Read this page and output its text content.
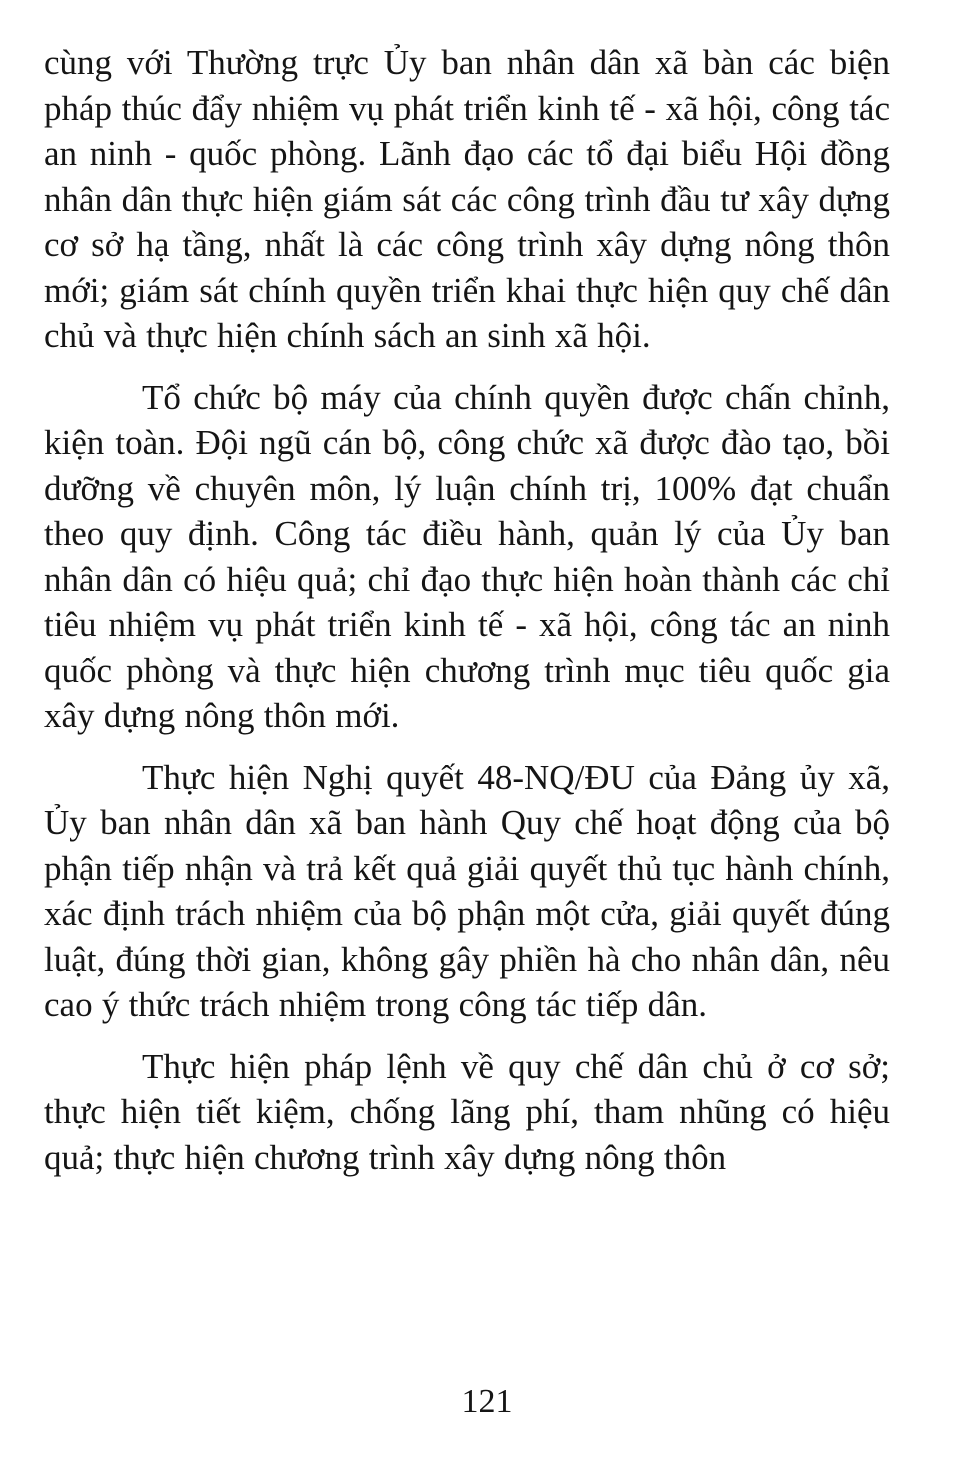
cùng với Thường trực Ủy ban nhân dân xã bàn các biện pháp thúc đẩy nhiệm vụ phát triển kinh tế - xã hội, công tác an ninh - quốc phòng. Lãnh đạo các tổ đại biểu Hội đồng nhân dân thực hiện giám sát các công trình đầu tư xây dựng cơ sở hạ tầng, nhất là các công trình xây dựng nông thôn mới; giám sát chính quyền triển khai thực hiện quy chế dân chủ và thực hiện chính sách an sinh xã hội.

Tổ chức bộ máy của chính quyền được chấn chỉnh, kiện toàn. Đội ngũ cán bộ, công chức xã được đào tạo, bồi dưỡng về chuyên môn, lý luận chính trị, 100% đạt chuẩn theo quy định. Công tác điều hành, quản lý của Ủy ban nhân dân có hiệu quả; chỉ đạo thực hiện hoàn thành các chỉ tiêu nhiệm vụ phát triển kinh tế - xã hội, công tác an ninh quốc phòng và thực hiện chương trình mục tiêu quốc gia xây dựng nông thôn mới.

Thực hiện Nghị quyết 48-NQ/ĐU của Đảng ủy xã, Ủy ban nhân dân xã ban hành Quy chế hoạt động của bộ phận tiếp nhận và trả kết quả giải quyết thủ tục hành chính, xác định trách nhiệm của bộ phận một cửa, giải quyết đúng luật, đúng thời gian, không gây phiền hà cho nhân dân, nêu cao ý thức trách nhiệm trong công tác tiếp dân.

Thực hiện pháp lệnh về quy chế dân chủ ở cơ sở; thực hiện tiết kiệm, chống lãng phí, tham nhũng có hiệu quả; thực hiện chương trình xây dựng nông thôn

121
